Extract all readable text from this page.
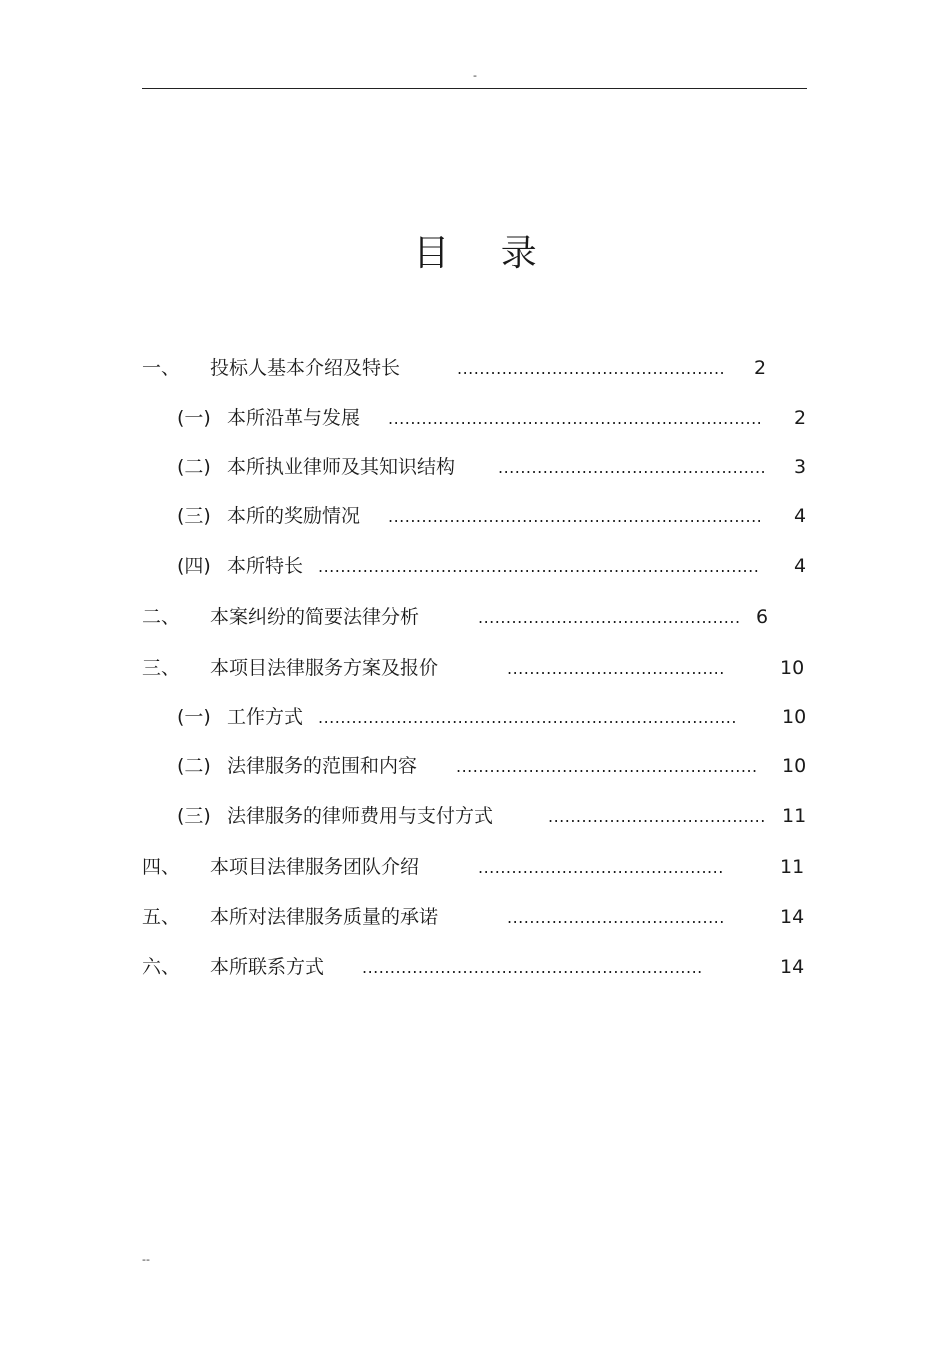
-
目 录
一、 投标人基本介绍及特长	................................................	2
(一) 本所沿革与发展 ...................................................................	2
(二) 本所执业律师及其知识结构	................................................	3
(三) 本所的奖励情况 ...................................................................	4
(四) 本所特长 ...............................................................................	4
二、 本案纠纷的简要法律分析	............................................... 6
三、 本项目法律服务方案及报价	.......................................	10
(一) 工作方式 ...........................................................................	10
(二) 法律服务的范围和内容 ...................................................... 10
(三) 法律服务的律师费用与支付方式	....................................... 11
四、 本项目法律服务团队介绍	............................................	11
五、 本所对法律服务质量的承诺	.......................................	14
六、 本所联系方式 .............................................................	14
--
